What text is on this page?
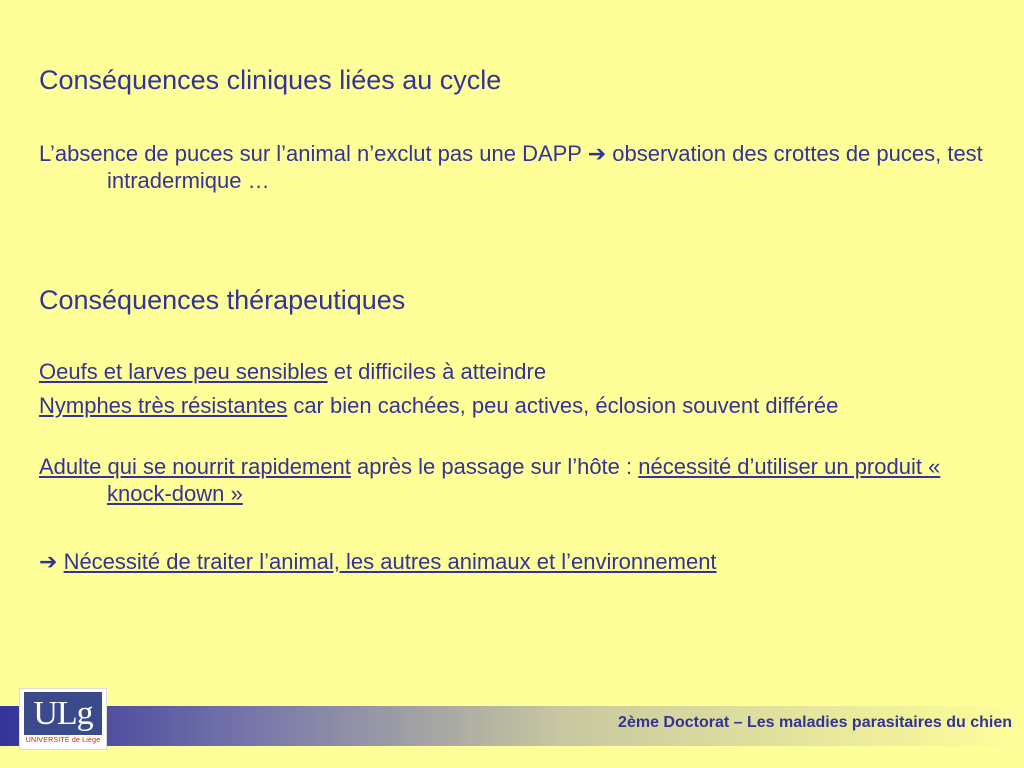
Conséquences cliniques liées au cycle

L’absence de puces sur l’animal n’exclut pas une DAPP ➔ observation des crottes de puces, test intradermique …

Conséquences thérapeutiques

Oeufs et larves peu sensibles et difficiles à atteindre

Nymphes très résistantes car bien cachées, peu actives, éclosion souvent différée

Adulte qui se nourrit rapidement après le passage sur l’hôte : nécessité d’utiliser un produit « knock-down »

➔ Nécessité de traiter l’animal, les autres animaux et l’environnement

2ème Doctorat – Les maladies parasitaires du chien
ULg
UNIVERSITÉ de Liège
